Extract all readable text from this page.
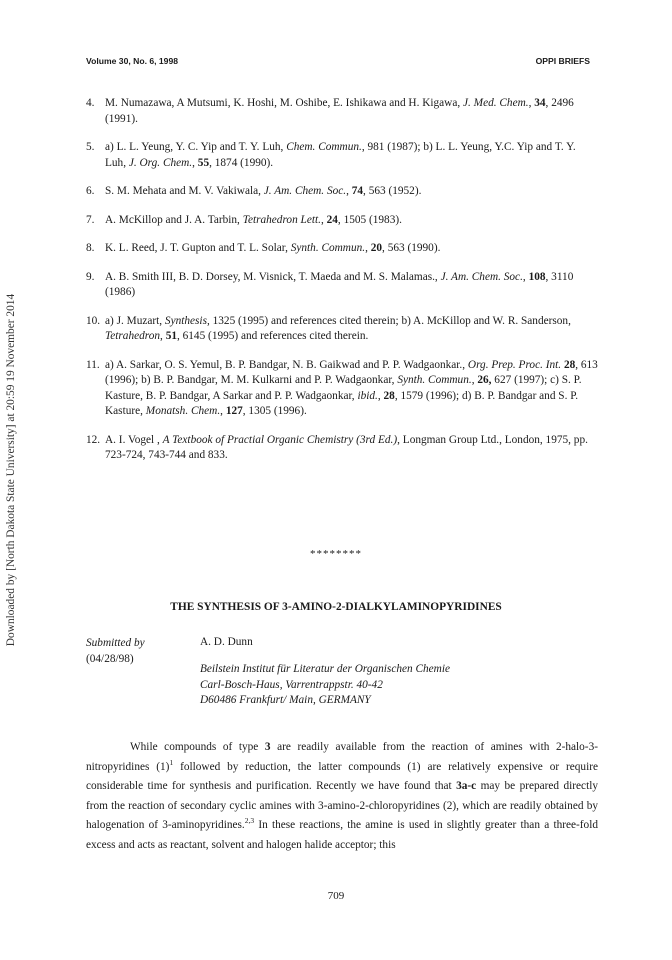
Downloaded by [North Dakota State University] at 20:59 19 November 2014
Volume 30, No. 6, 1998	OPPI BRIEFS
4. M. Numazawa, A Mutsumi, K. Hoshi, M. Oshibe, E. Ishikawa and H. Kigawa, J. Med. Chem., 34, 2496 (1991).
5. a) L. L. Yeung, Y. C. Yip and T. Y. Luh, Chem. Commun., 981 (1987); b) L. L. Yeung, Y.C. Yip and T. Y. Luh, J. Org. Chem., 55, 1874 (1990).
6. S. M. Mehata and M. V. Vakiwala, J. Am. Chem. Soc., 74, 563 (1952).
7. A. McKillop and J. A. Tarbin, Tetrahedron Lett., 24, 1505 (1983).
8. K. L. Reed, J. T. Gupton and T. L. Solar, Synth. Commun., 20, 563 (1990).
9. A. B. Smith III, B. D. Dorsey, M. Visnick, T. Maeda and M. S. Malamas., J. Am. Chem. Soc., 108, 3110 (1986)
10. a) J. Muzart, Synthesis, 1325 (1995) and references cited therein; b) A. McKillop and W. R. Sanderson, Tetrahedron, 51, 6145 (1995) and references cited therein.
11. a) A. Sarkar, O. S. Yemul, B. P. Bandgar, N. B. Gaikwad and P. P. Wadgaonkar., Org. Prep. Proc. Int. 28, 613 (1996); b) B. P. Bandgar, M. M. Kulkarni and P. P. Wadgaonkar, Synth. Commun., 26, 627 (1997); c) S. P. Kasture, B. P. Bandgar, A Sarkar and P. P. Wadgaonkar, ibid., 28, 1579 (1996); d) B. P. Bandgar and S. P. Kasture, Monatsh. Chem., 127, 1305 (1996).
12. A. I. Vogel , A Textbook of Practial Organic Chemistry (3rd Ed.), Longman Group Ltd., London, 1975, pp. 723-724, 743-744 and 833.
********
THE SYNTHESIS OF 3-AMINO-2-DIALKYLAMINOPYRIDINES
Submitted by
(04/28/98)
A. D. Dunn
Beilstein Institut für Literatur der Organischen Chemie
Carl-Bosch-Haus, Varrentrappstr. 40-42
D60486 Frankfurt/ Main, GERMANY

While compounds of type 3 are readily available from the reaction of amines with 2-halo-3-nitropyridines $(1)^1$ followed by reduction, the latter compounds (1) are relatively expensive or require considerable time for synthesis and purification. Recently we have found that 3a-c may be prepared directly from the reaction of secondary cyclic amines with 3-amino-2-chloropyridines (2), which are readily obtained by halogenation of 3-aminopyridines.$^{2,3}$ In these reactions, the amine is used in slightly greater than a three-fold excess and acts as reactant, solvent and halogen halide acceptor; this

709
